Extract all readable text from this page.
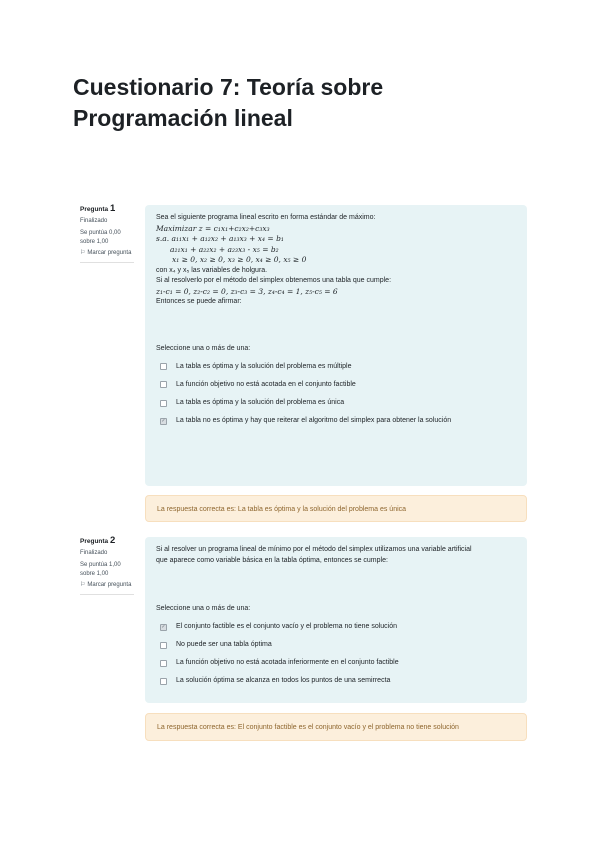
Cuestionario 7: Teoría sobre Programación lineal
Pregunta 1
Finalizado
Se puntúa 0,00 sobre 1,00
⚐ Marcar pregunta
Sea el siguiente programa lineal escrito en forma estándar de máximo:
Maximizar z = c₁x₁+c₂x₂+c₃x₃
s.a. a₁₁x₁ + a₁₂x₂ + a₁₃x₃ + x₄ = b₁
a₂₁x₁ + a₂₂x₂ + a₂₃x₃ - x₅ = b₂
x₁ ≥ 0, x₂ ≥ 0, x₃ ≥ 0, x₄ ≥ 0, x₅ ≥ 0
con x₄ y x₅ las variables de holgura.
Si al resolverlo por el método del simplex obtenemos una tabla que cumple:
z₁-c₁ = 0, z₂-c₂ = 0, z₃-c₃ = 3, z₄-c₄ = 1, z₅-c₅ = 6
Entonces se puede afirmar:
Seleccione una o más de una:
La tabla es óptima y la solución del problema es múltiple
La función objetivo no está acotada en el conjunto factible
La tabla es óptima y la solución del problema es única
✓ La tabla no es óptima y hay que reiterar el algoritmo del simplex para obtener la solución
La respuesta correcta es: La tabla es óptima y la solución del problema es única
Pregunta 2
Finalizado
Se puntúa 1,00 sobre 1,00
⚐ Marcar pregunta
Si al resolver un programa lineal de mínimo por el método del simplex utilizamos una variable artificial
que aparece como variable básica en la tabla óptima, entonces se cumple:
Seleccione una o más de una:
✓ El conjunto factible es el conjunto vacío y el problema no tiene solución
No puede ser una tabla óptima
La función objetivo no está acotada inferiormente en el conjunto factible
La solución óptima se alcanza en todos los puntos de una semirrecta
La respuesta correcta es: El conjunto factible es el conjunto vacío y el problema no tiene solución
